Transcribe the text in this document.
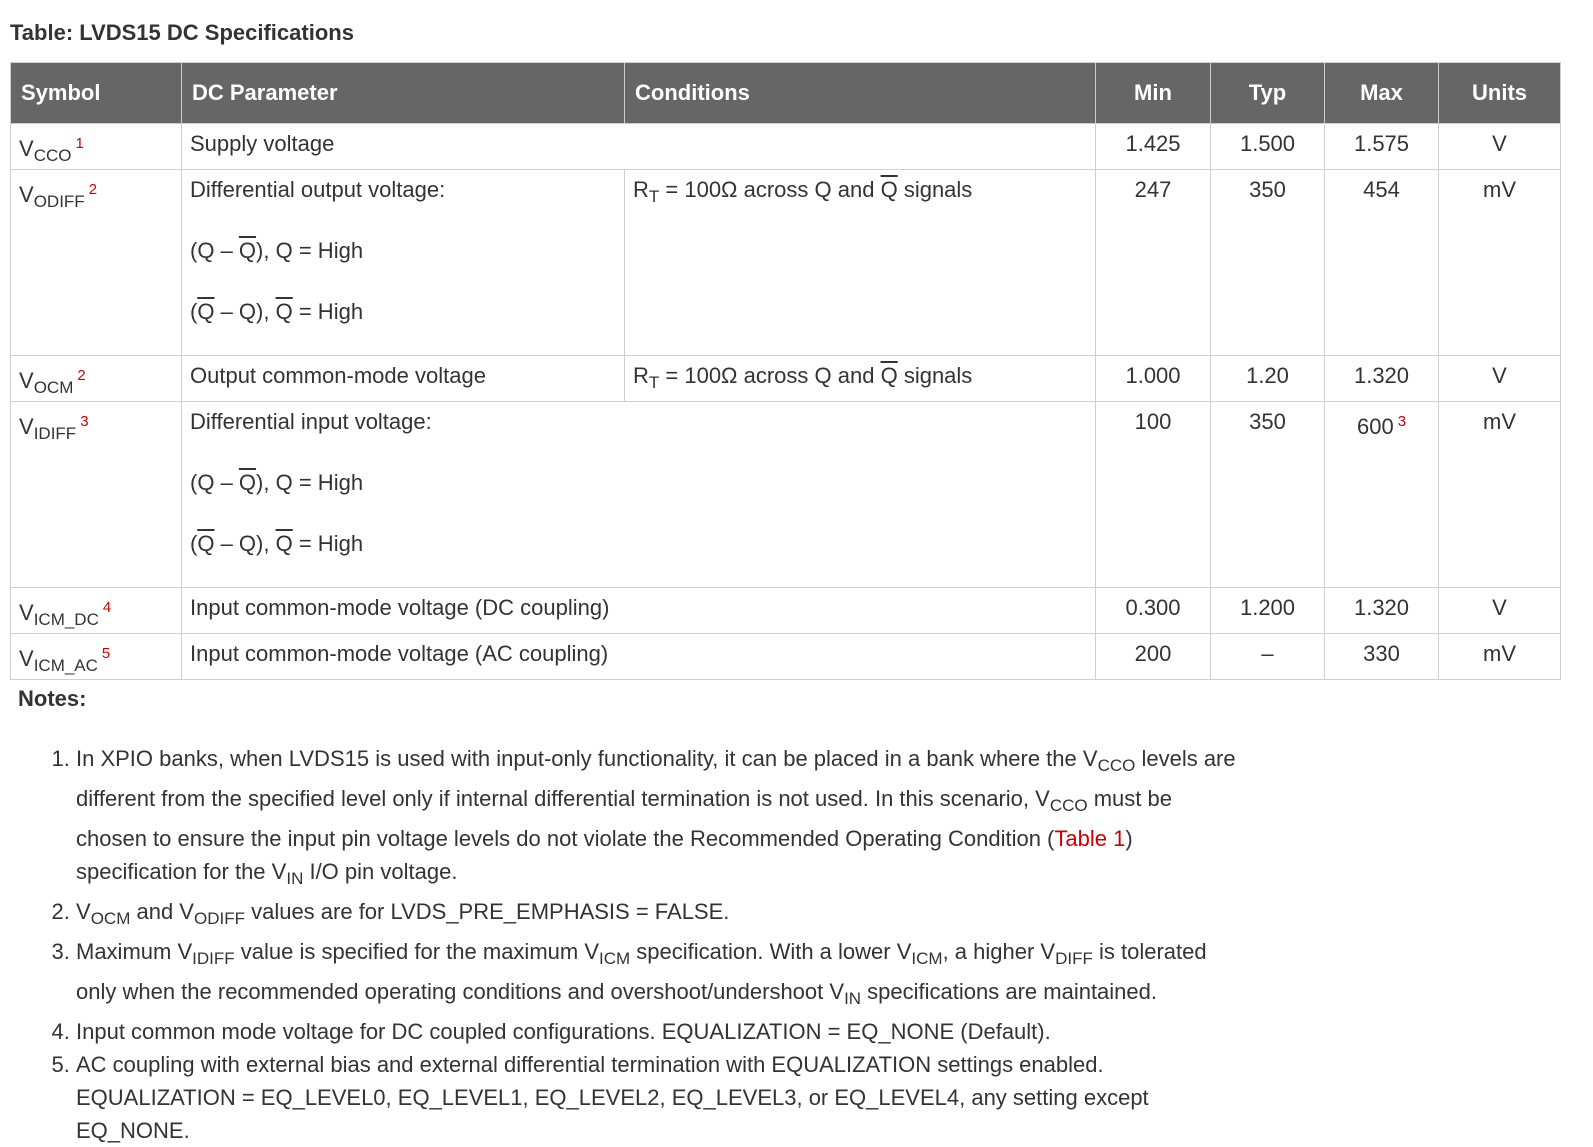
Table: LVDS15 DC Specifications
Symbol	DC Parameter	Conditions	Min	Typ	Max	Units
$V_{CCO}^1$	Supply voltage		1.425	1.500	1.575	V
$V_{ODIFF}^2$	Differential output voltage:
$(Q - \overline{Q})$, Q = High
$(\overline{Q} - Q)$, $\overline{Q}$ = High	$R_T = 100\Omega$ across Q and $\overline{Q}$ signals	247	350	454	mV
$V_{OCM}^2$	Output common-mode voltage	$R_T = 100\Omega$ across Q and $\overline{Q}$ signals	1.000	1.20	1.320	V
$V_{IDIFF}^3$	Differential input voltage:
$(Q - \overline{Q})$, Q = High
$(\overline{Q} - Q)$, $\overline{Q}$ = High		100	350	600 $^3$	mV
$V_{ICM\_DC}^4$	Input common-mode voltage (DC coupling)		0.300	1.200	1.320	V
$V_{ICM\_AC}^5$	Input common-mode voltage (AC coupling)		200	–	330	mV
Notes:
1. In XPIO banks, when LVDS15 is used with input-only functionality, it can be placed in a bank where the $V_{CCO}$ levels are different from the specified level only if internal differential termination is not used. In this scenario, $V_{CCO}$ must be chosen to ensure the input pin voltage levels do not violate the Recommended Operating Condition (Table 1) specification for the $V_{IN}$ I/O pin voltage.
2. $V_{OCM}$ and $V_{ODIFF}$ values are for LVDS_PRE_EMPHASIS = FALSE.
3. Maximum $V_{IDIFF}$ value is specified for the maximum $V_{ICM}$ specification. With a lower $V_{ICM}$, a higher $V_{DIFF}$ is tolerated only when the recommended operating conditions and overshoot/undershoot $V_{IN}$ specifications are maintained.
4. Input common mode voltage for DC coupled configurations. EQUALIZATION = EQ_NONE (Default).
5. AC coupling with external bias and external differential termination with EQUALIZATION settings enabled. EQUALIZATION = EQ_LEVEL0, EQ_LEVEL1, EQ_LEVEL2, EQ_LEVEL3, or EQ_LEVEL4, any setting except EQ_NONE.
